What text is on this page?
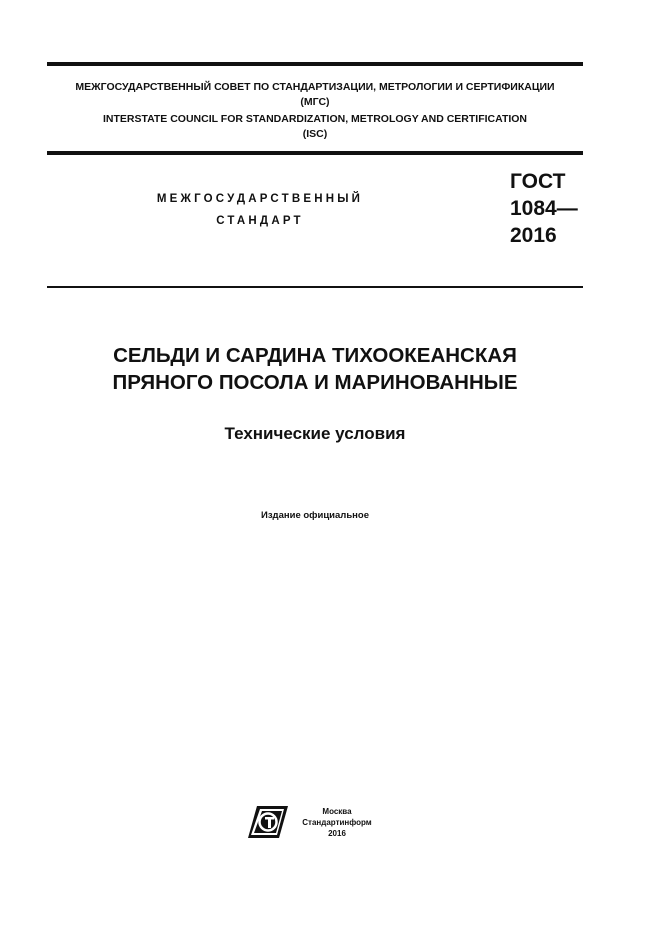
МЕЖГОСУДАРСТВЕННЫЙ СОВЕТ ПО СТАНДАРТИЗАЦИИ, МЕТРОЛОГИИ И СЕРТИФИКАЦИИ
(МГС)
INTERSTATE COUNCIL FOR STANDARDIZATION, METROLOGY AND CERTIFICATION
(ISC)
МЕЖГОСУДАРСТВЕННЫЙ
СТАНДАРТ
ГОСТ
1084—
2016
СЕЛЬДИ И САРДИНА ТИХООКЕАНСКАЯ
ПРЯНОГО ПОСОЛА И МАРИНОВАННЫЕ
Технические условия
Издание официальное
Москва
Стандартинформ
2016
